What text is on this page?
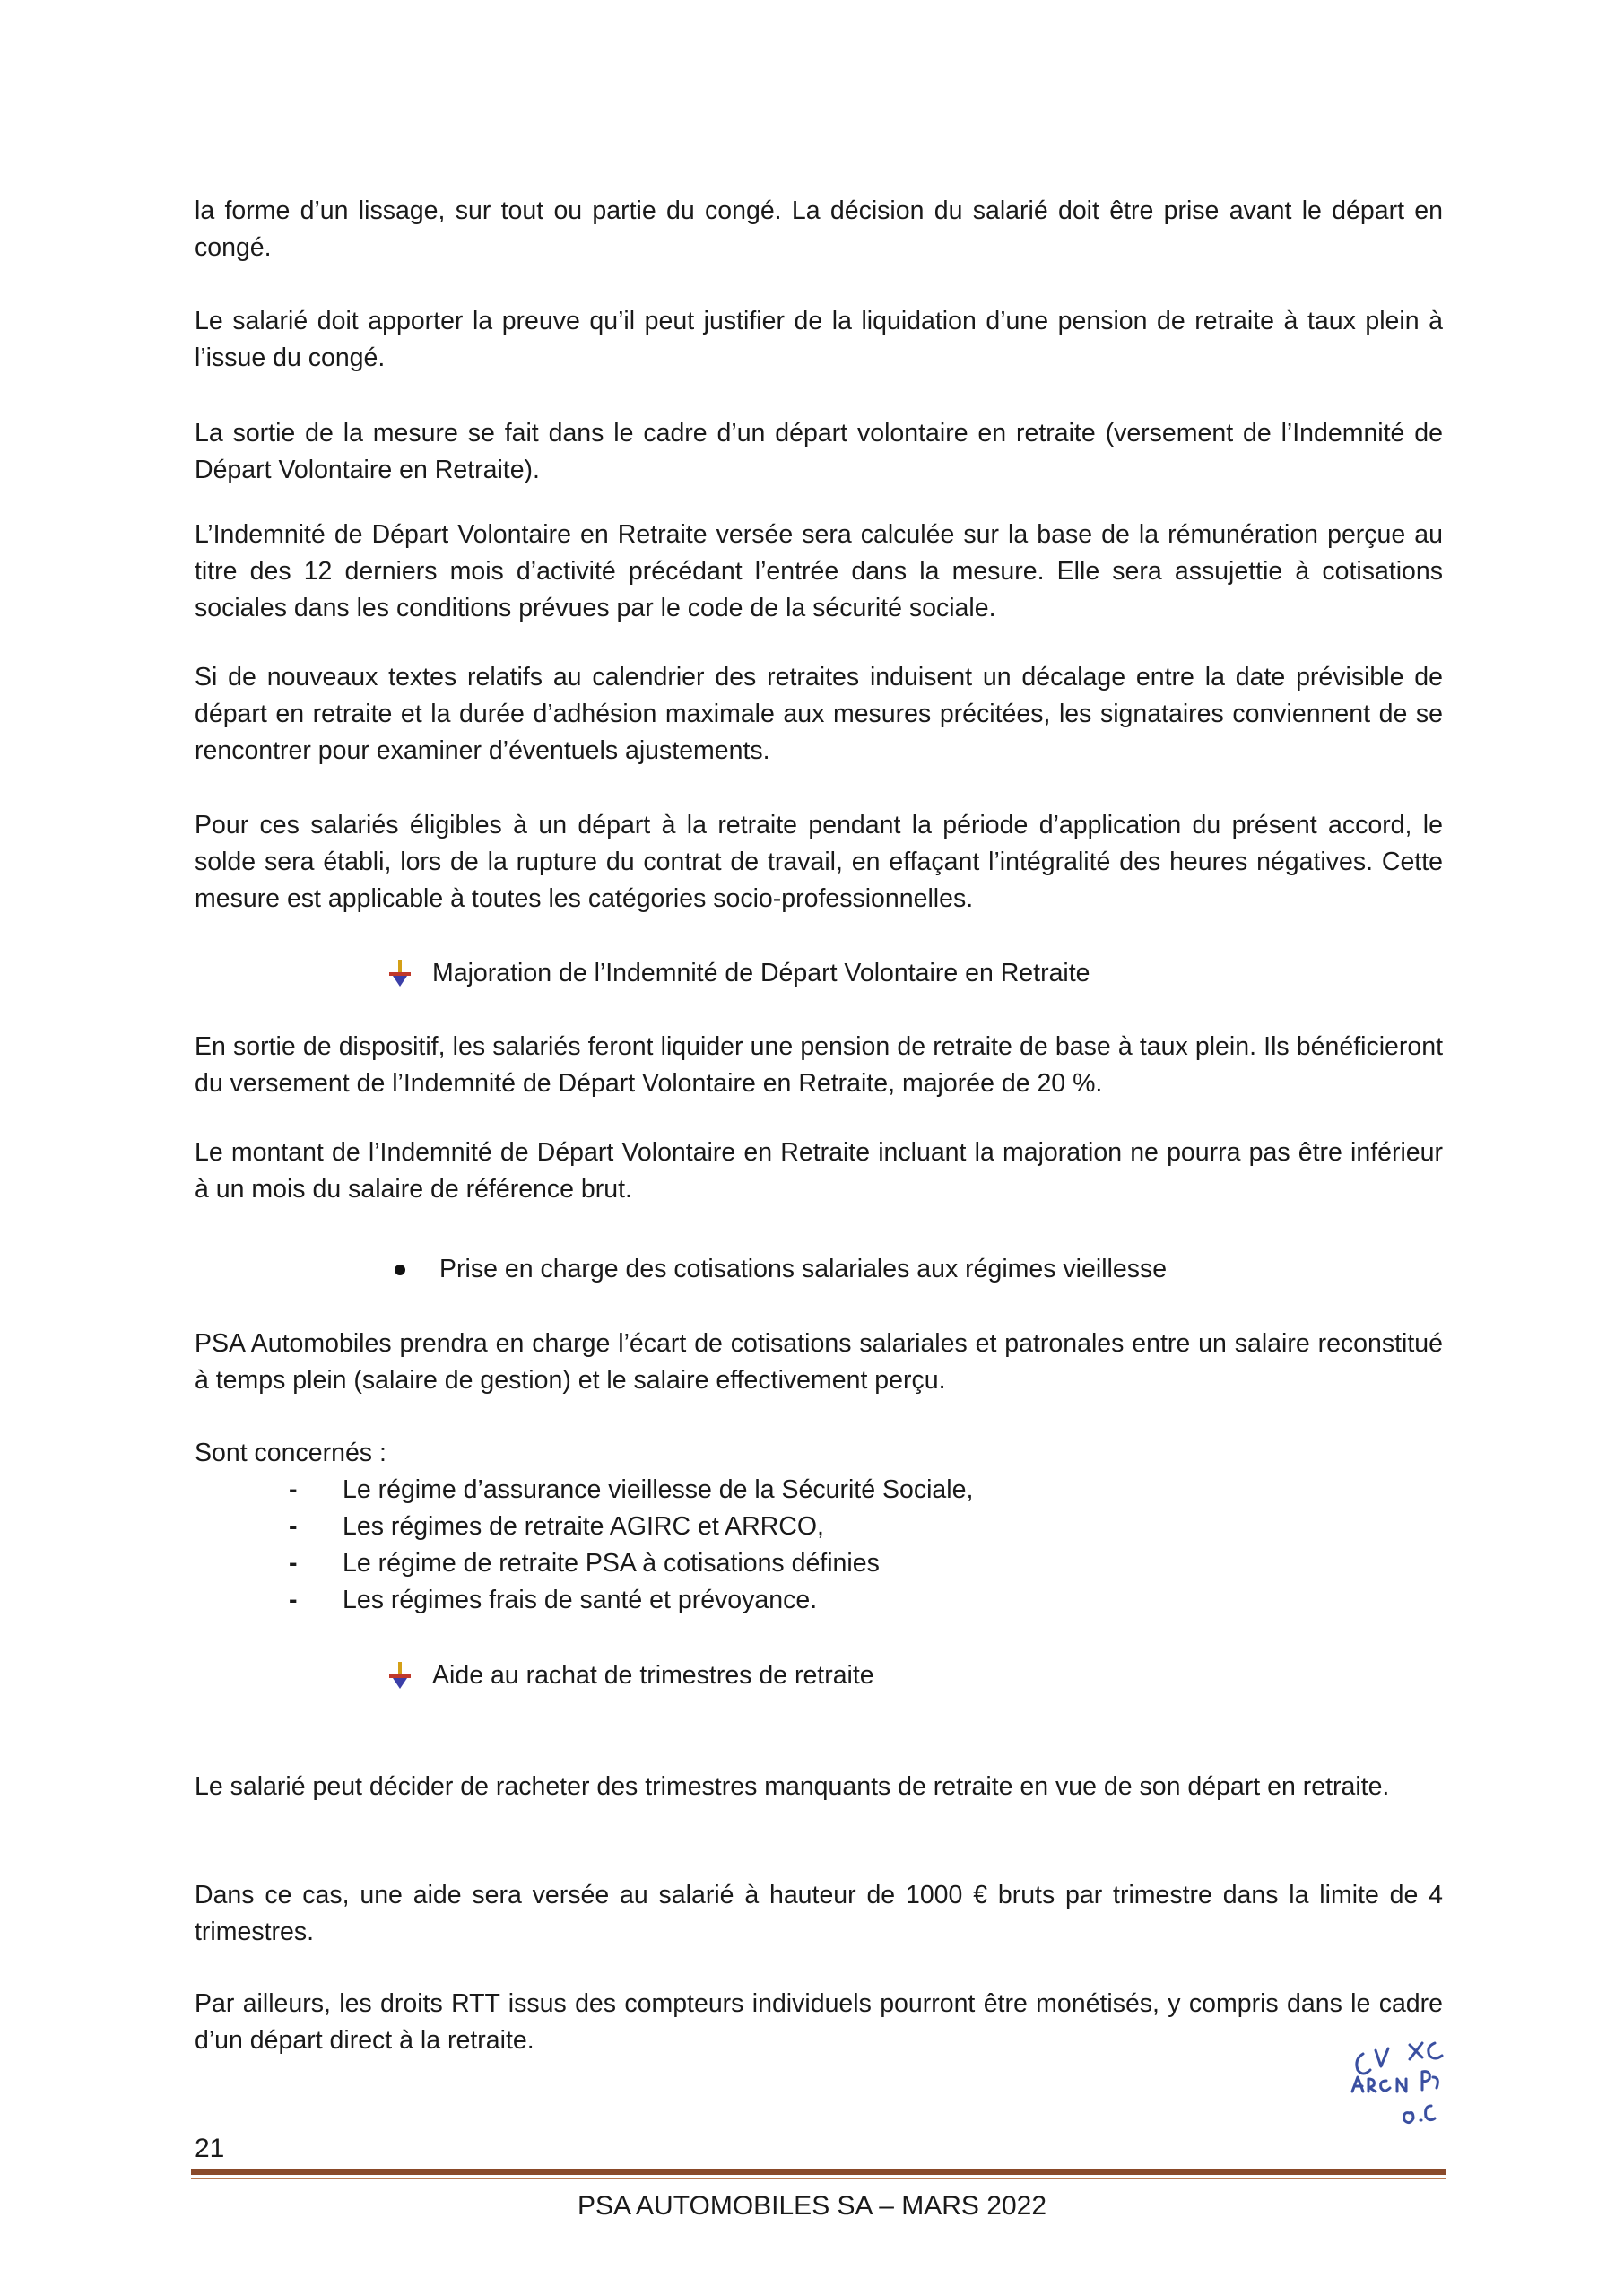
la forme d’un lissage, sur tout ou partie du congé. La décision du salarié doit être prise avant le départ en congé.

Le salarié doit apporter la preuve qu’il peut justifier de la liquidation d’une pension de retraite à taux plein à l’issue du congé.

La sortie de la mesure se fait dans le cadre d’un départ volontaire en retraite (versement de l’Indemnité de Départ Volontaire en Retraite).

L’Indemnité de Départ Volontaire en Retraite versée sera calculée sur la base de la rémunération perçue au titre des 12 derniers mois d’activité précédant l’entrée dans la mesure. Elle sera assujettie à cotisations sociales dans les conditions prévues par le code de la sécurité sociale.

Si de nouveaux textes relatifs au calendrier des retraites induisent un décalage entre la date prévisible de départ en retraite et la durée d’adhésion maximale aux mesures précitées, les signataires conviennent de se rencontrer pour examiner d’éventuels ajustements.

Pour ces salariés éligibles à un départ à la retraite pendant la période d’application du présent accord, le solde sera établi, lors de la rupture du contrat de travail, en effaçant l’intégralité des heures négatives. Cette mesure est applicable à toutes les catégories socio-professionnelles.

Majoration de l’Indemnité de Départ Volontaire en Retraite

En sortie de dispositif, les salariés feront liquider une pension de retraite de base à taux plein. Ils bénéficieront du versement de l’Indemnité de Départ Volontaire en Retraite, majorée de 20 %.

Le montant de l’Indemnité de Départ Volontaire en Retraite incluant la majoration ne pourra pas être inférieur à un mois du salaire de référence brut.

Prise en charge des cotisations salariales aux régimes vieillesse

PSA Automobiles prendra en charge l’écart de cotisations salariales et patronales entre un salaire reconstitué à temps plein (salaire de gestion) et le salaire effectivement perçu.

Sont concernés :

-	Le régime d’assurance vieillesse de la Sécurité Sociale,
-	Les régimes de retraite AGIRC et ARRCO,
-	Le régime de retraite PSA à cotisations définies
-	Les régimes frais de santé et prévoyance.
Aide au rachat de trimestres de retraite

Le salarié peut décider de racheter des trimestres manquants de retraite en vue de son départ en retraite.

Dans ce cas, une aide sera versée au salarié à hauteur de 1000 € bruts par trimestre dans la limite de 4 trimestres.

Par ailleurs, les droits RTT issus des compteurs individuels pourront être monétisés, y compris dans le cadre d’un départ direct à la retraite.

21
PSA AUTOMOBILES SA – MARS 2022
